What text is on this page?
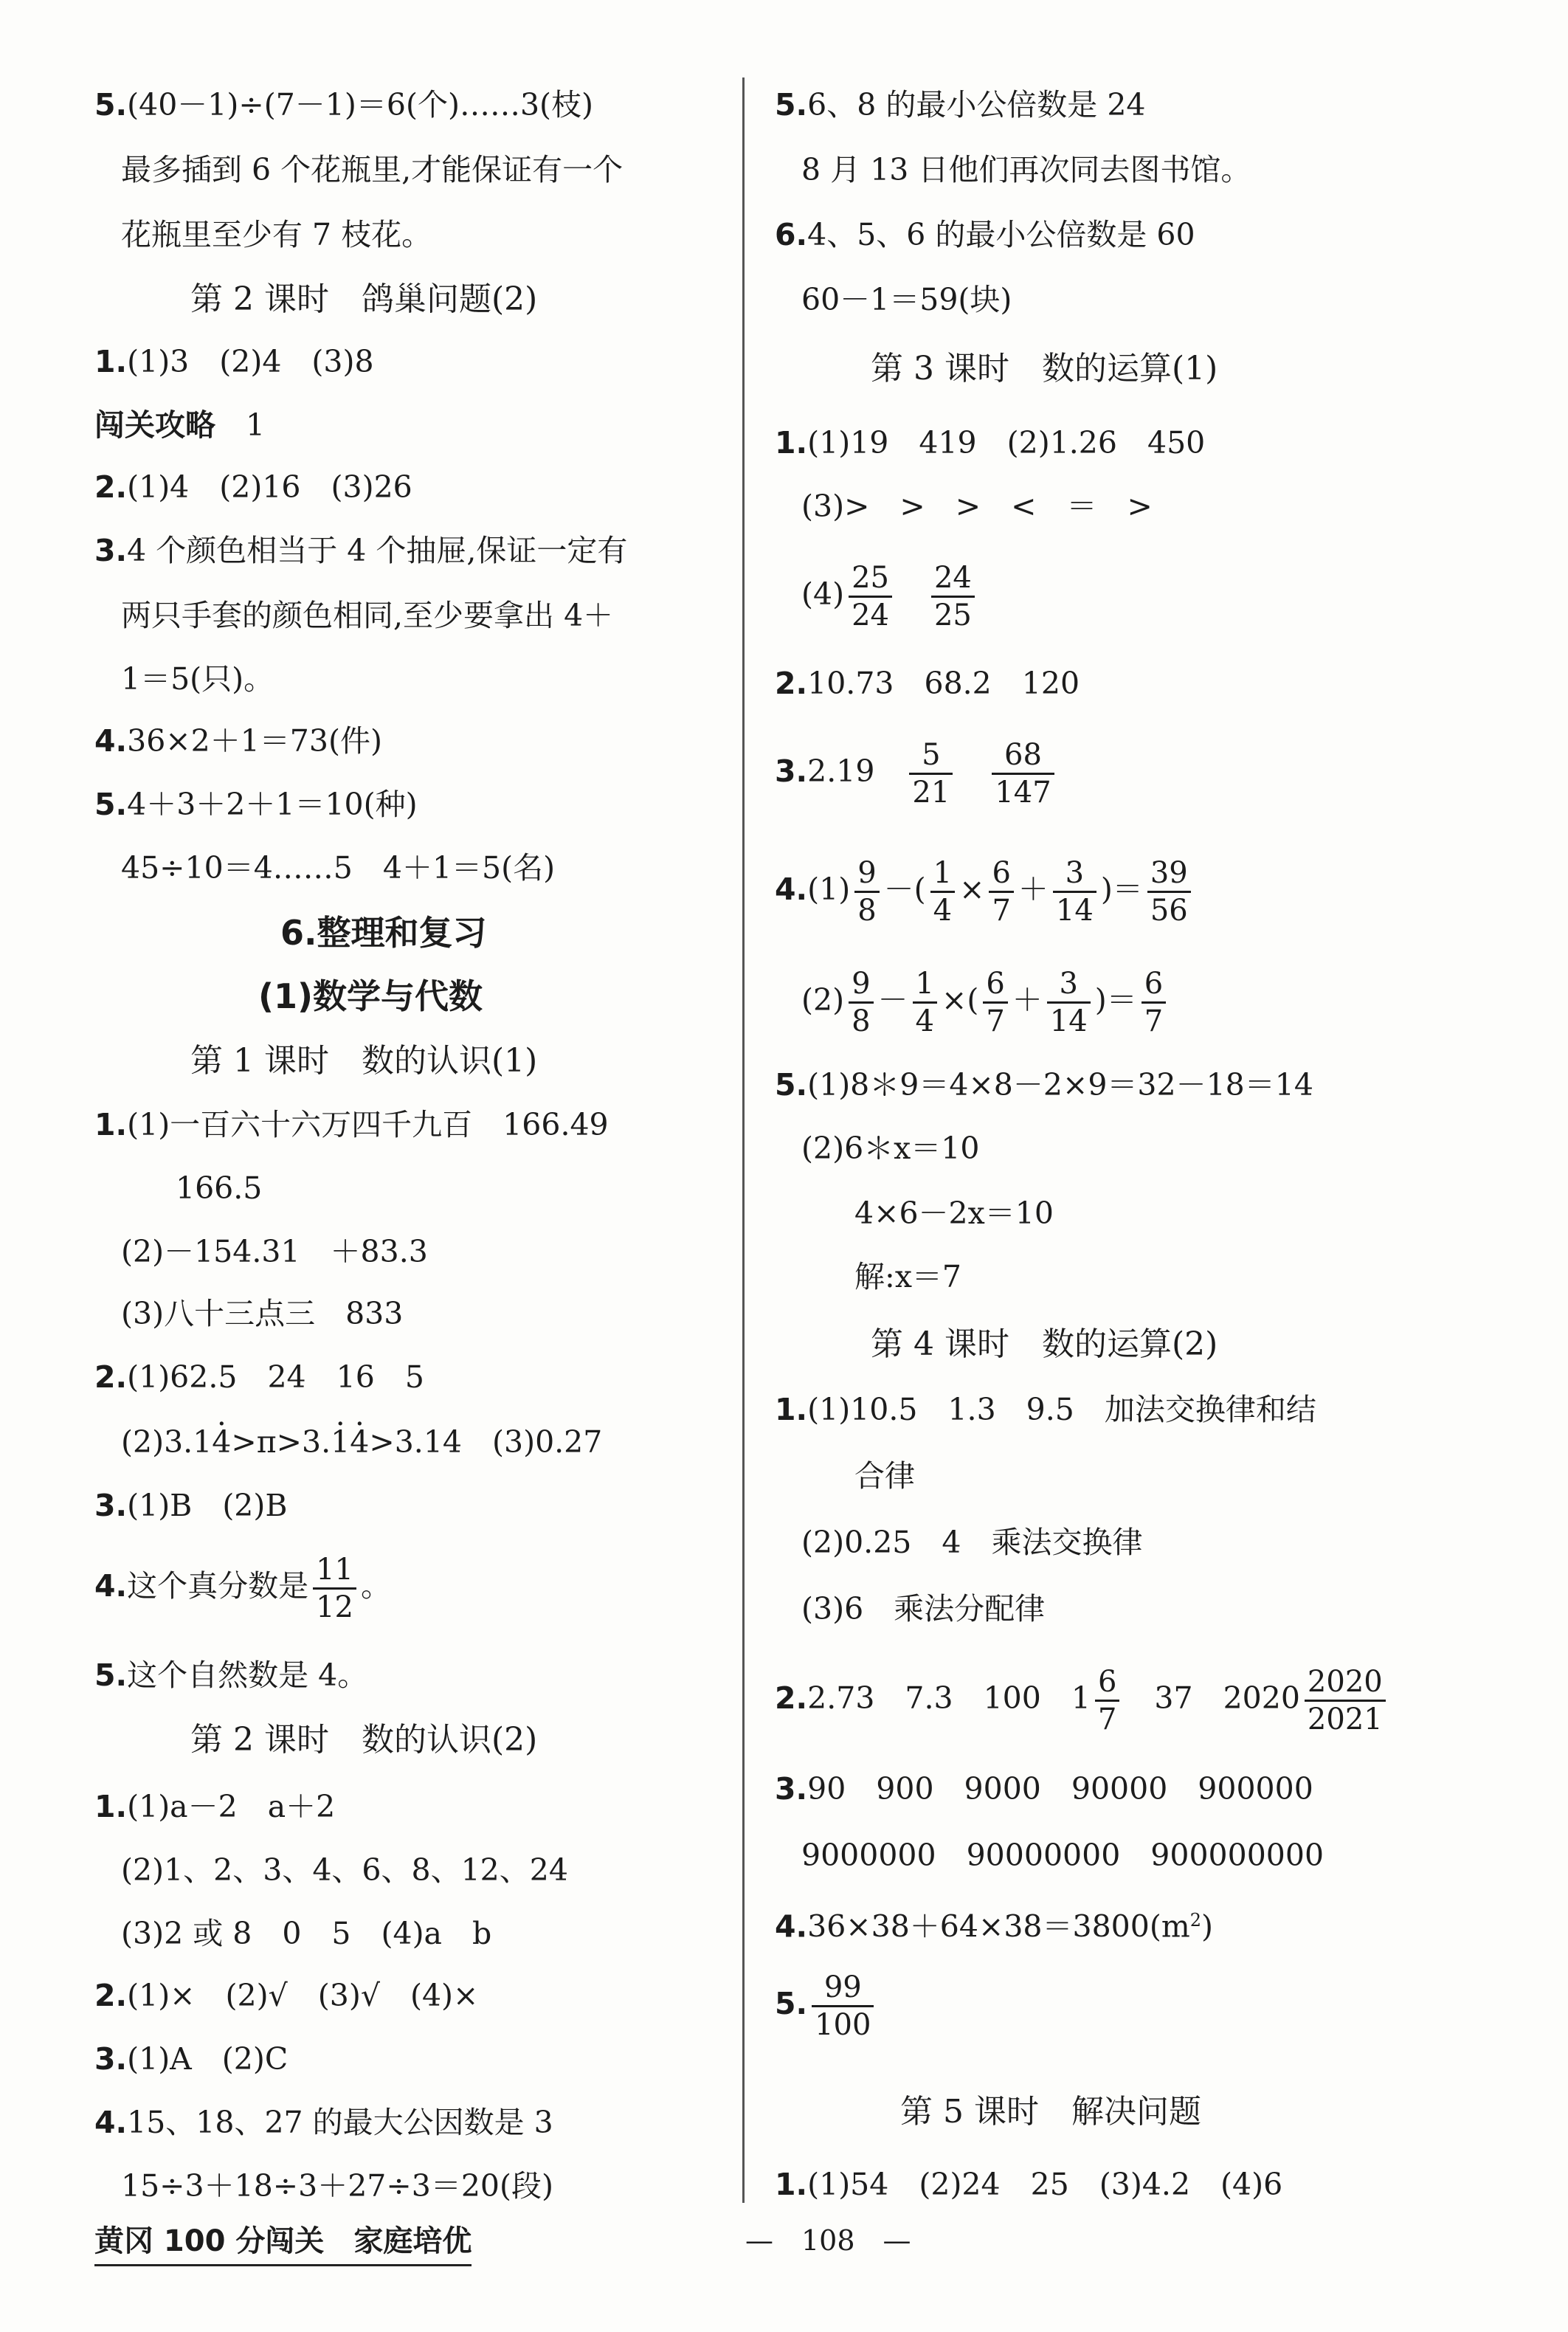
5.(40－1)÷(7－1)＝6(个)……3(枝)
最多插到 6 个花瓶里,才能保证有一个
花瓶里至少有 7 枝花。
第 2 课时　鸽巢问题(2)
1.(1)3　(2)4　(3)8
闯关攻略　 1
2.(1)4　(2)16　(3)26
3.4 个颜色相当于 4 个抽屉,保证一定有
两只手套的颜色相同,至少要拿出 4＋
1＝5(只)。
4.36×2＋1＝73(件)
5.4＋3＋2＋1＝10(种)
45÷10＝4……5　4＋1＝5(名)
6.整理和复习
(1)数学与代数
第 1 课时　数的认识(1)
1.(1)一百六十六万四千九百　166.49
166.5
(2)－154.31　＋83.3
(3)八十三点三　833
2.(1)62.5　24　16　5
(2)3.14 ·>π>3.1 ·4 ·>3.14　(3)0.27
3.(1)B　(2)B
4.这个真分数是 $\frac{11}{12}$ 。
5.这个自然数是 4。
第 2 课时　数的认识(2)
1.(1)a－2　a＋2
(2)1、2、3、4、6、8、12、24
(3)2 或 8　0　5　(4)a　b
2.(1)×　(2)√　(3)√　(4)×
3.(1)A　(2)C
4.15、18、27 的最大公因数是 3
15÷3＋18÷3＋27÷3＝20(段)
5.6、8 的最小公倍数是 24
8 月 13 日他们再次同去图书馆。
6.4、5、6 的最小公倍数是 60
60－1＝59(块)
第 3 课时　数的运算(1)
1.(1)19　419　(2)1.26　450
(3)>　>　>　<　＝　>
$(4) \frac{25}{24}$
　 $\frac{24}{25}$
2.10.73　68.2　120
3.2.19　 $\frac{5}{21}$
　 $\frac{68}{147}$
$4.(1) \frac{9}{8}$ －( $\frac{1}{4} \times \frac{6}{7} + \frac{3}{14}$ )＝ $\frac{39}{56}$
$(2) \frac{9}{8} - \frac{1}{4}$ ×( $\frac{6}{7} + \frac{3}{14}$ )＝ $\frac{6}{7}$
5.(1)8＊9＝4×8－2×9＝32－18＝14
(2)6＊x＝10
4×6－2x＝10
解:x＝7
第 4 课时　数的运算(2)
1.(1)10.5　1.3　9.5　加法交换律和结
合律
(2)0.25　4　乘法交换律
(3)6　乘法分配律
2.2.73　7.3　100　$1 \frac{6}{7}$ 　37　$2020 \frac{2020}{2021}$
3.90　900　9000　90000　900000
9000000　90000000　900000000
$4.36\times 38+64\times 38=3800(m^2)$
5. $\frac{99}{100}$
第 5 课时　解决问题
1.(1)54　(2)24　25　(3)4.2　(4)6
黄冈 100 分闯关　家庭培优	—　108　—
